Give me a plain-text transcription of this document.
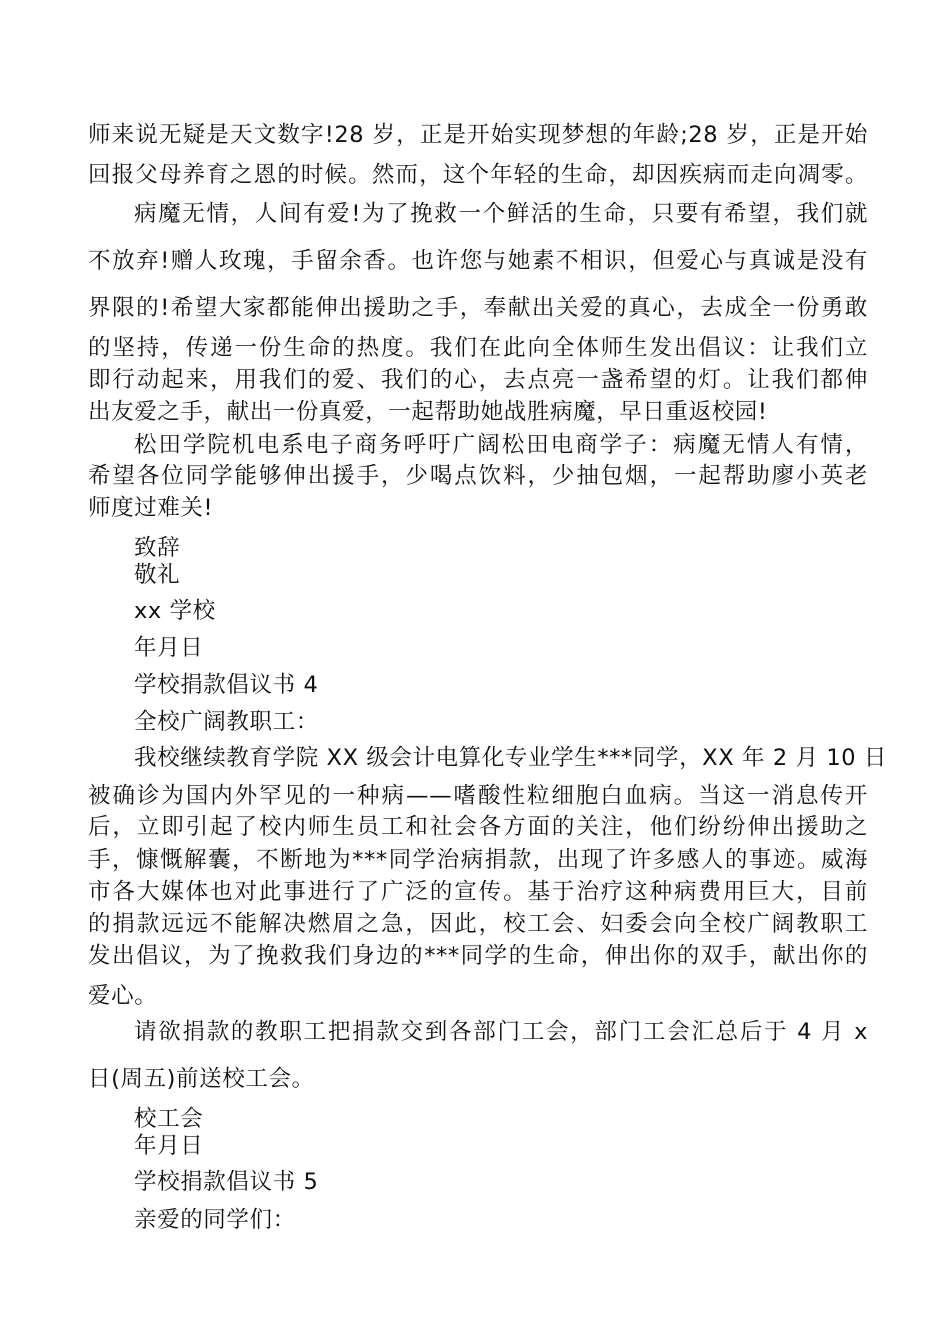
师来说无疑是天文数字!28 岁，正是开始实现梦想的年龄;28 岁，正是开始
回报父母养育之恩的时候。然而，这个年轻的生命，却因疾病而走向凋零。
病魔无情，人间有爱!为了挽救一个鲜活的生命，只要有希望，我们就
不放弃!赠人玫瑰，手留余香。也许您与她素不相识，但爱心与真诚是没有
界限的!希望大家都能伸出援助之手，奉献出关爱的真心，去成全一份勇敢
的坚持，传递一份生命的热度。我们在此向全体师生发出倡议：让我们立
即行动起来，用我们的爱、我们的心，去点亮一盏希望的灯。让我们都伸
出友爱之手，献出一份真爱，一起帮助她战胜病魔，早日重返校园!
松田学院机电系电子商务呼吁广阔松田电商学子：病魔无情人有情，
希望各位同学能够伸出援手，少喝点饮料，少抽包烟，一起帮助廖小英老
师度过难关!
致辞
敬礼
xx 学校
年月日
学校捐款倡议书 4
全校广阔教职工：
我校继续教育学院 XX 级会计电算化专业学生***同学，XX 年 2 月 10 日
被确诊为国内外罕见的一种病——嗜酸性粒细胞白血病。当这一消息传开
后，立即引起了校内师生员工和社会各方面的关注，他们纷纷伸出援助之
手，慷慨解囊，不断地为***同学治病捐款，出现了许多感人的事迹。威海
市各大媒体也对此事进行了广泛的宣传。基于治疗这种病费用巨大，目前
的捐款远远不能解决燃眉之急，因此，校工会、妇委会向全校广阔教职工
发出倡议，为了挽救我们身边的***同学的生命，伸出你的双手，献出你的
爱心。
请欲捐款的教职工把捐款交到各部门工会，部门工会汇总后于 4 月 x
日(周五)前送校工会。
校工会
年月日
学校捐款倡议书 5
亲爱的同学们：
